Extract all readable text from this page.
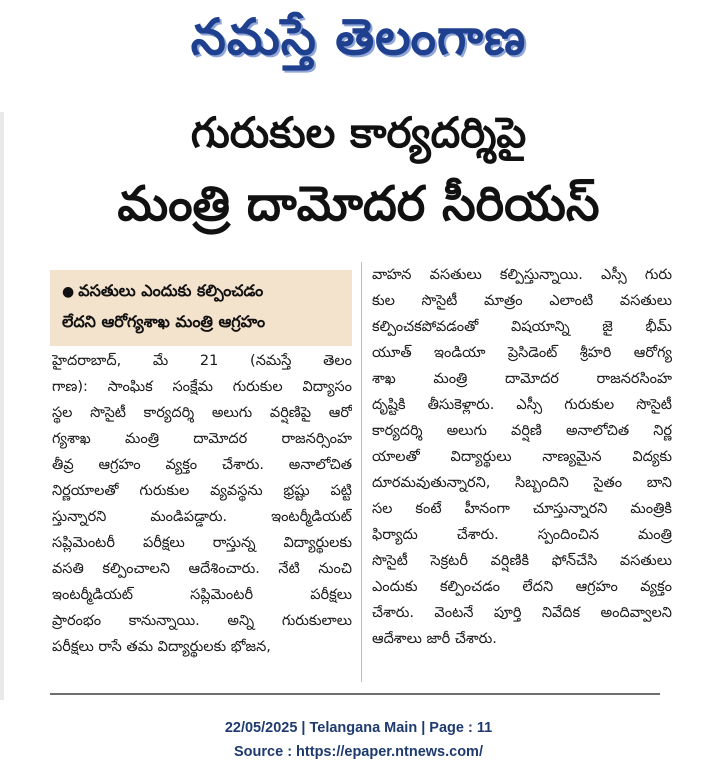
నమస్తే తెలంగాణ
గురుకుల కార్యదర్శిపై
మంత్రి దామోదర సీరియస్
● వసతులు ఎందుకు కల్పించడం
లేదని ఆరోగ్యశాఖ మంత్రి ఆగ్రహం
హైదరాబాద్, మే 21 (నమస్తే తెలం
గాణ): సాంఘిక సంక్షేమ గురుకుల విద్యాసం
స్థల సొసైటీ కార్యదర్శి అలుగు వర్షిణిపై ఆరో
గ్యశాఖ మంత్రి దామోదర రాజనర్సింహ
తీవ్ర ఆగ్రహం వ్యక్తం చేశారు. అనాలోచిత
నిర్ణయాలతో గురుకుల వ్యవస్థను భ్రష్టు పట్టి
స్తున్నారని మండిపడ్డారు. ఇంటర్మీడియట్
సప్లిమెంటరీ పరీక్షలు రాస్తున్న విద్యార్థులకు
వసతి కల్పించాలని ఆదేశించారు. నేటి నుంచి
ఇంటర్మీడియట్ సప్లిమెంటరీ పరీక్షలు
ప్రారంభం కానున్నాయి. అన్ని గురుకులాలు
పరీక్షలు రాసే తమ విద్యార్థులకు భోజన,
వాహన వసతులు కల్పిస్తున్నాయి. ఎస్సీ గురు
కుల సొసైటీ మాత్రం ఎలాంటి వసతులు
కల్పించకపోవడంతో విషయాన్ని జై భీమ్
యూత్ ఇండియా ప్రెసిడెంట్ శ్రీహరి ఆరోగ్య
శాఖ మంత్రి దామోదర రాజనరసింహ
దృష్టికి తీసుకెళ్లారు. ఎస్సీ గురుకుల సొసైటీ
కార్యదర్శి అలుగు వర్షిణి అనాలోచిత నిర్ణ
యాలతో విద్యార్థులు నాణ్యమైన విద్యకు
దూరమవుతున్నారని, సిబ్బందిని సైతం బాని
సల కంటే హీనంగా చూస్తున్నారని మంత్రికి
ఫిర్యాదు చేశారు. స్పందించిన మంత్రి
సొసైటీ సెక్రటరీ వర్షిణికి ఫోన్‌చేసి వసతులు
ఎందుకు కల్పించడం లేదని ఆగ్రహం వ్యక్తం
చేశారు. వెంటనే పూర్తి నివేదిక అందివ్వాలని
ఆదేశాలు జారీ చేశారు.
22/05/2025 | Telangana Main | Page : 11
Source : https://epaper.ntnews.com/
